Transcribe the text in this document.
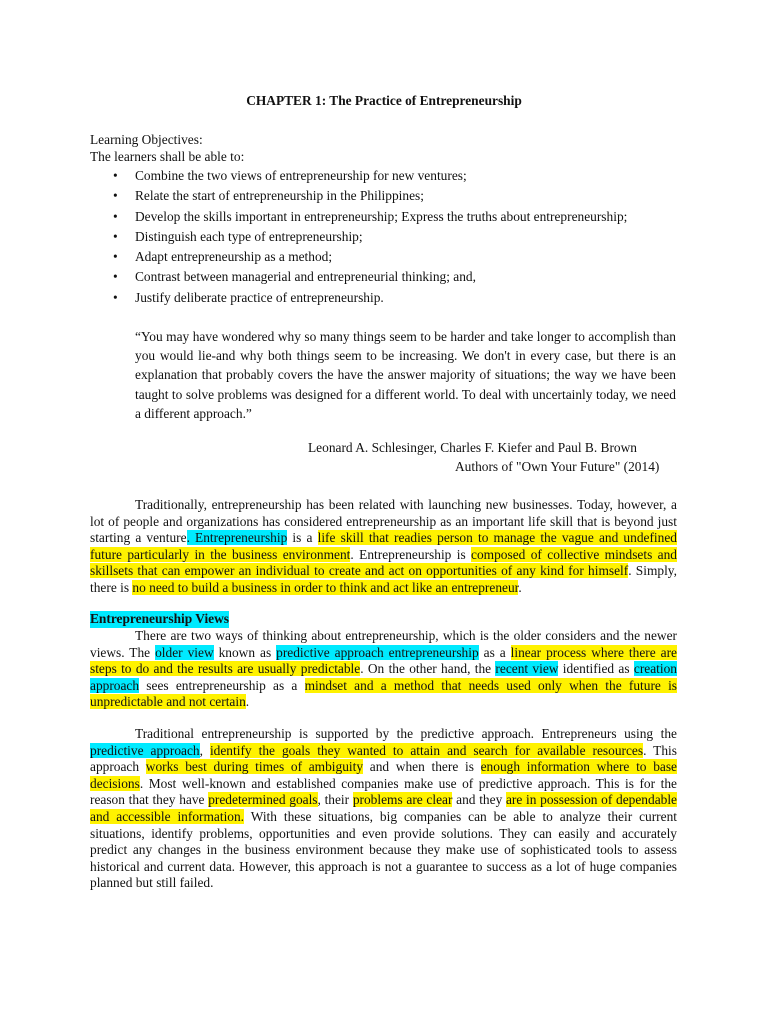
CHAPTER 1: The Practice of Entrepreneurship
Learning Objectives:
The learners shall be able to:
• Combine the two views of entrepreneurship for new ventures;
• Relate the start of entrepreneurship in the Philippines;
• Develop the skills important in entrepreneurship; Express the truths about entrepreneurship;
• Distinguish each type of entrepreneurship;
• Adapt entrepreneurship as a method;
• Contrast between managerial and entrepreneurial thinking; and,
• Justify deliberate practice of entrepreneurship.
“You may have wondered why so many things seem to be harder and take longer to accomplish than you would lie-and why both things seem to be increasing. We don't in every case, but there is an explanation that probably covers the have the answer majority of situations; the way we have been taught to solve problems was designed for a different world. To deal with uncertainly today, we need a different approach.”
Leonard A. Schlesinger, Charles F. Kiefer and Paul B. Brown
Authors of "Own Your Future" (2014)
Traditionally, entrepreneurship has been related with launching new businesses. Today, however, a lot of people and organizations has considered entrepreneurship as an important life skill that is beyond just starting a venture. Entrepreneurship is a life skill that readies person to manage the vague and undefined future particularly in the business environment. Entrepreneurship is composed of collective mindsets and skillsets that can empower an individual to create and act on opportunities of any kind for himself. Simply, there is no need to build a business in order to think and act like an entrepreneur.
Entrepreneurship Views
There are two ways of thinking about entrepreneurship, which is the older considers and the newer views. The older view known as predictive approach entrepreneurship as a linear process where there are steps to do and the results are usually predictable. On the other hand, the recent view identified as creation approach sees entrepreneurship as a mindset and a method that needs used only when the future is unpredictable and not certain.
Traditional entrepreneurship is supported by the predictive approach. Entrepreneurs using the predictive approach, identify the goals they wanted to attain and search for available resources. This approach works best during times of ambiguity and when there is enough information where to base decisions. Most well-known and established companies make use of predictive approach. This is for the reason that they have predetermined goals, their problems are clear and they are in possession of dependable and accessible information. With these situations, big companies can be able to analyze their current situations, identify problems, opportunities and even provide solutions. They can easily and accurately predict any changes in the business environment because they make use of sophisticated tools to assess historical and current data. However, this approach is not a guarantee to success as a lot of huge companies planned but still failed.
